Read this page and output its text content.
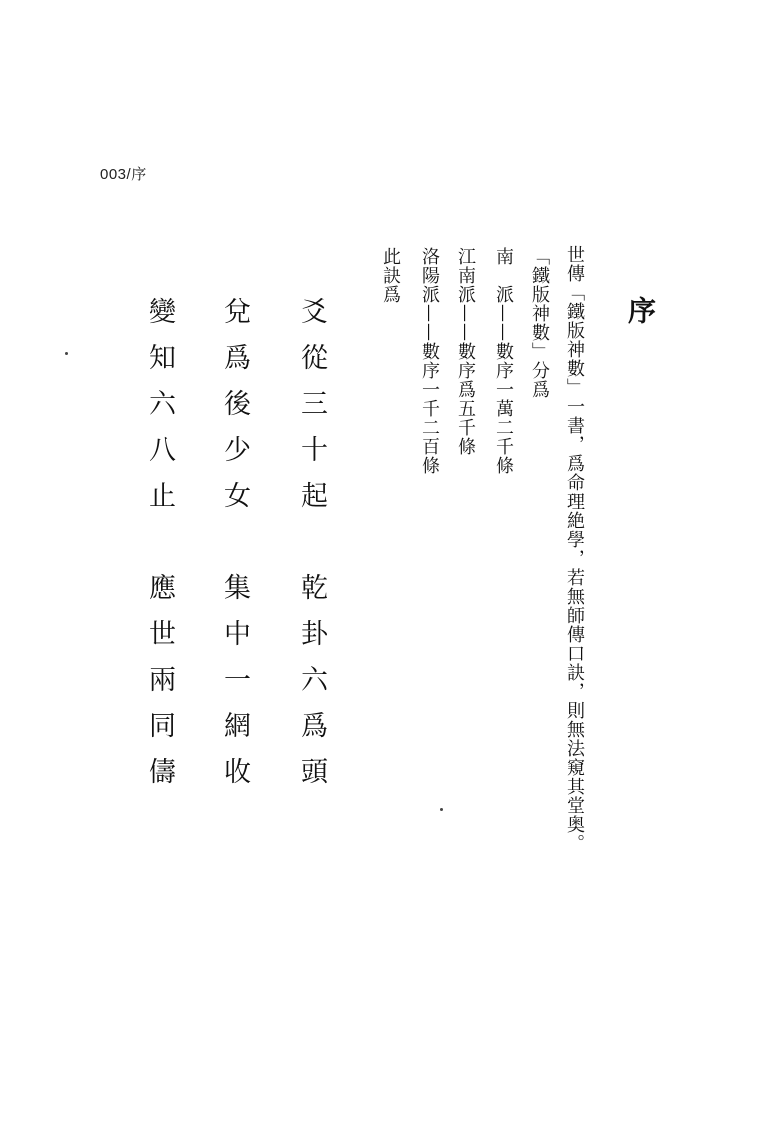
003/序
序
世傳「鐵版神數」一書，爲命理絶學，若無師傳口訣，則無法窺其堂奥。
「鐵版神數」分爲
南　派——數序一萬二千條
江南派——數序爲五千條
洛陽派——數序一千二百條
此訣爲
爻從三十起　乾卦六爲頭
兌爲後少女　集中一網收
變知六八止　應世兩同儔
